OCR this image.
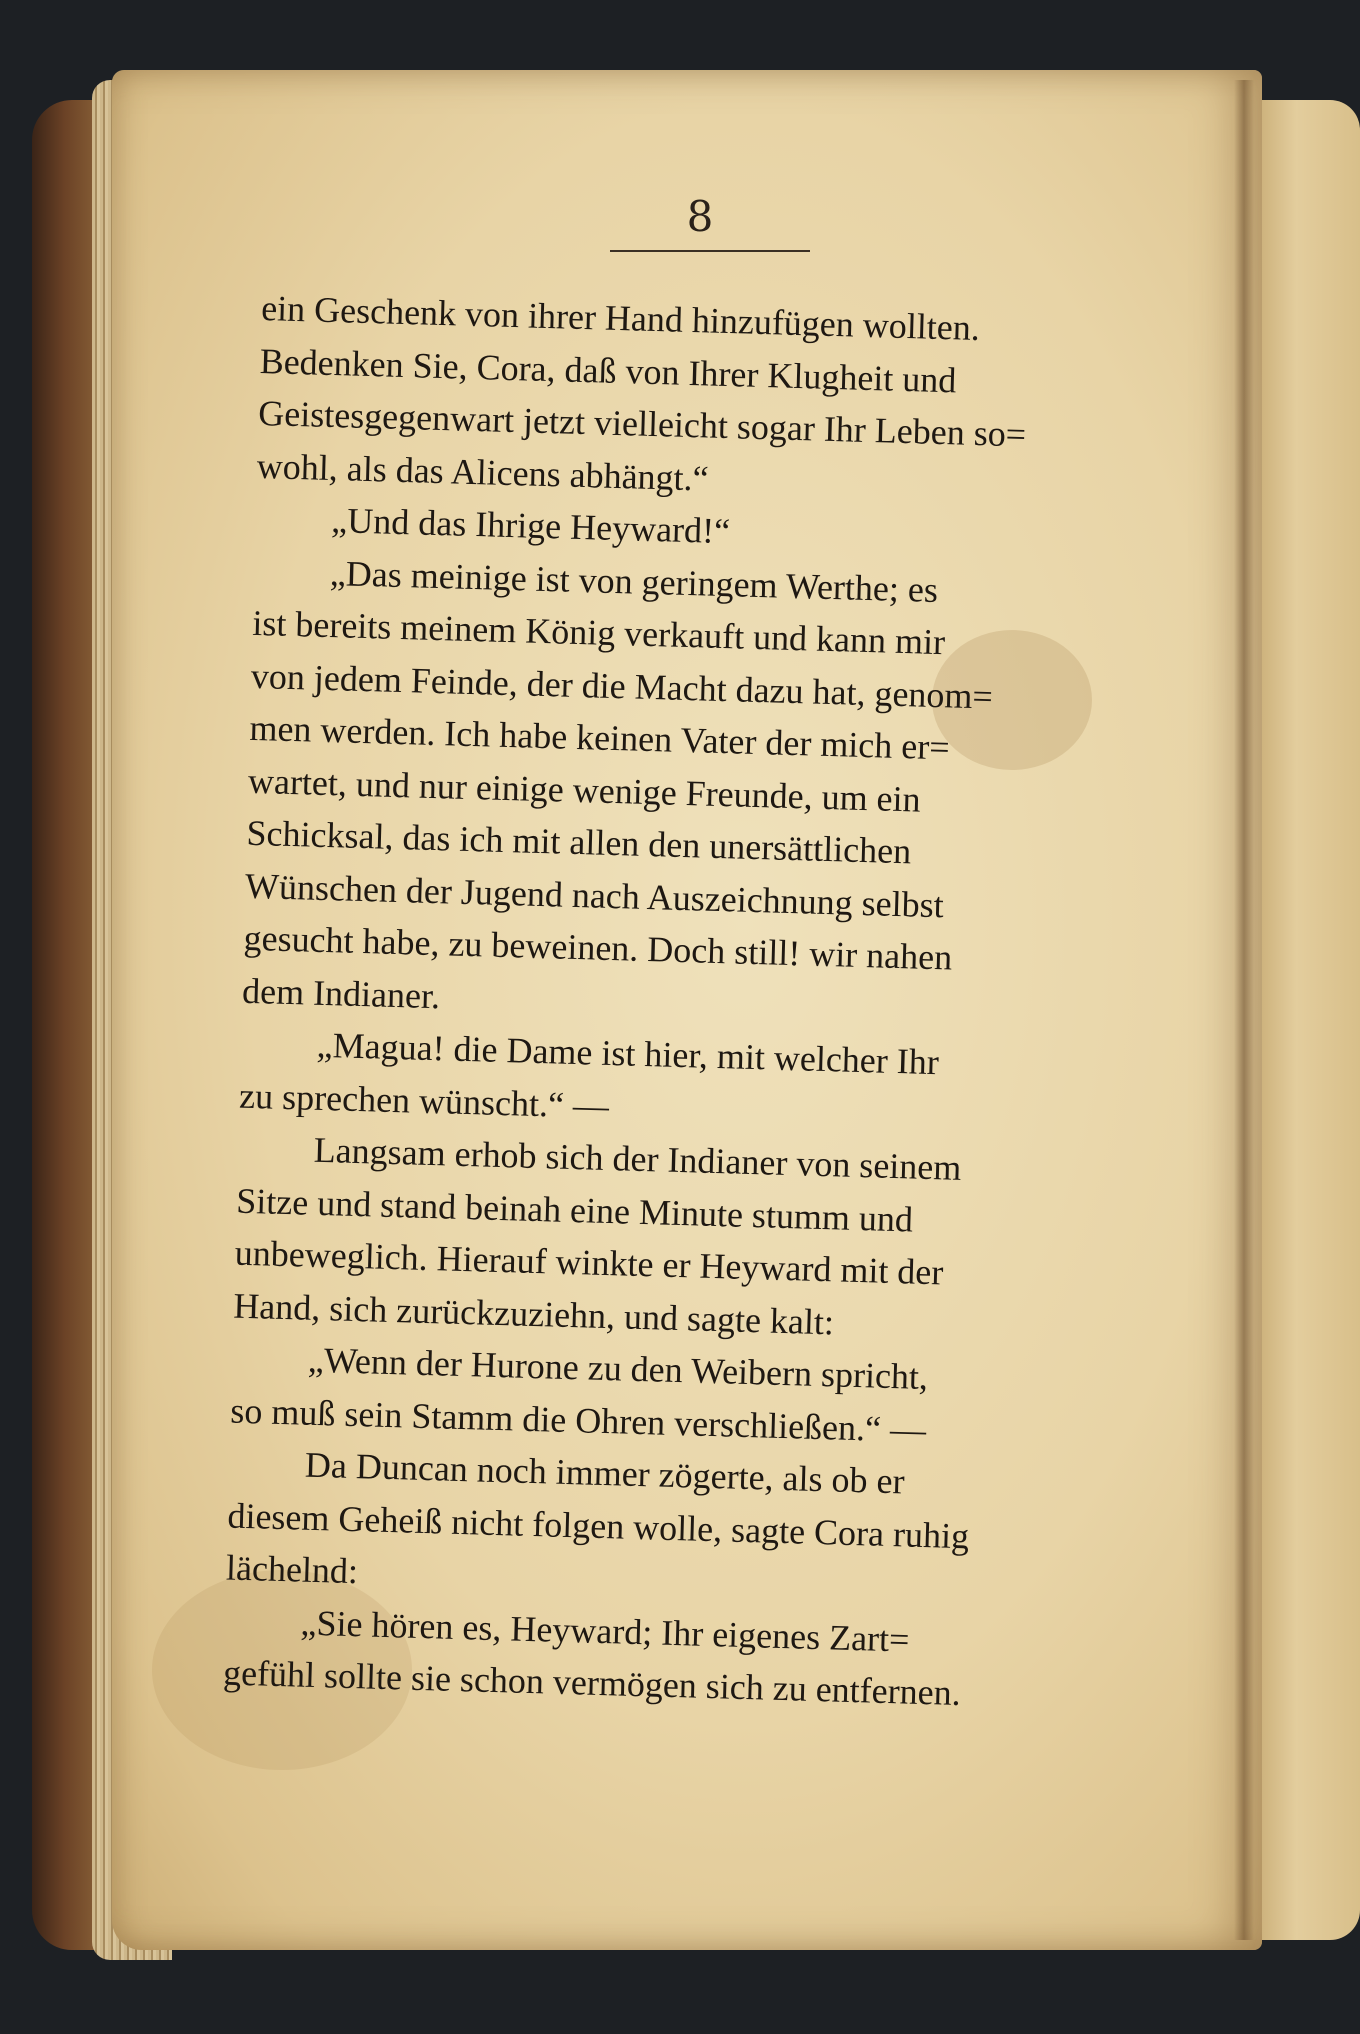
8
ein Geschenk von ihrer Hand hinzufügen wollten.
Bedenken Sie, Cora, daß von Ihrer Klugheit und
Geistesgegenwart jetzt vielleicht sogar Ihr Leben so=
wohl, als das Alicens abhängt.“
„Und das Ihrige Heyward!“
„Das meinige ist von geringem Werthe; es
ist bereits meinem König verkauft und kann mir
von jedem Feinde, der die Macht dazu hat, genom=
men werden. Ich habe keinen Vater der mich er=
wartet, und nur einige wenige Freunde, um ein
Schicksal, das ich mit allen den unersättlichen
Wünschen der Jugend nach Auszeichnung selbst
gesucht habe, zu beweinen. Doch still! wir nahen
dem Indianer.
„Magua! die Dame ist hier, mit welcher Ihr
zu sprechen wünscht.“ —
Langsam erhob sich der Indianer von seinem
Sitze und stand beinah eine Minute stumm und
unbeweglich. Hierauf winkte er Heyward mit der
Hand, sich zurückzuziehn, und sagte kalt:
„Wenn der Hurone zu den Weibern spricht,
so muß sein Stamm die Ohren verschließen.“ —
Da Duncan noch immer zögerte, als ob er
diesem Geheiß nicht folgen wolle, sagte Cora ruhig
lächelnd:
„Sie hören es, Heyward; Ihr eigenes Zart=
gefühl sollte sie schon vermögen sich zu entfernen.
